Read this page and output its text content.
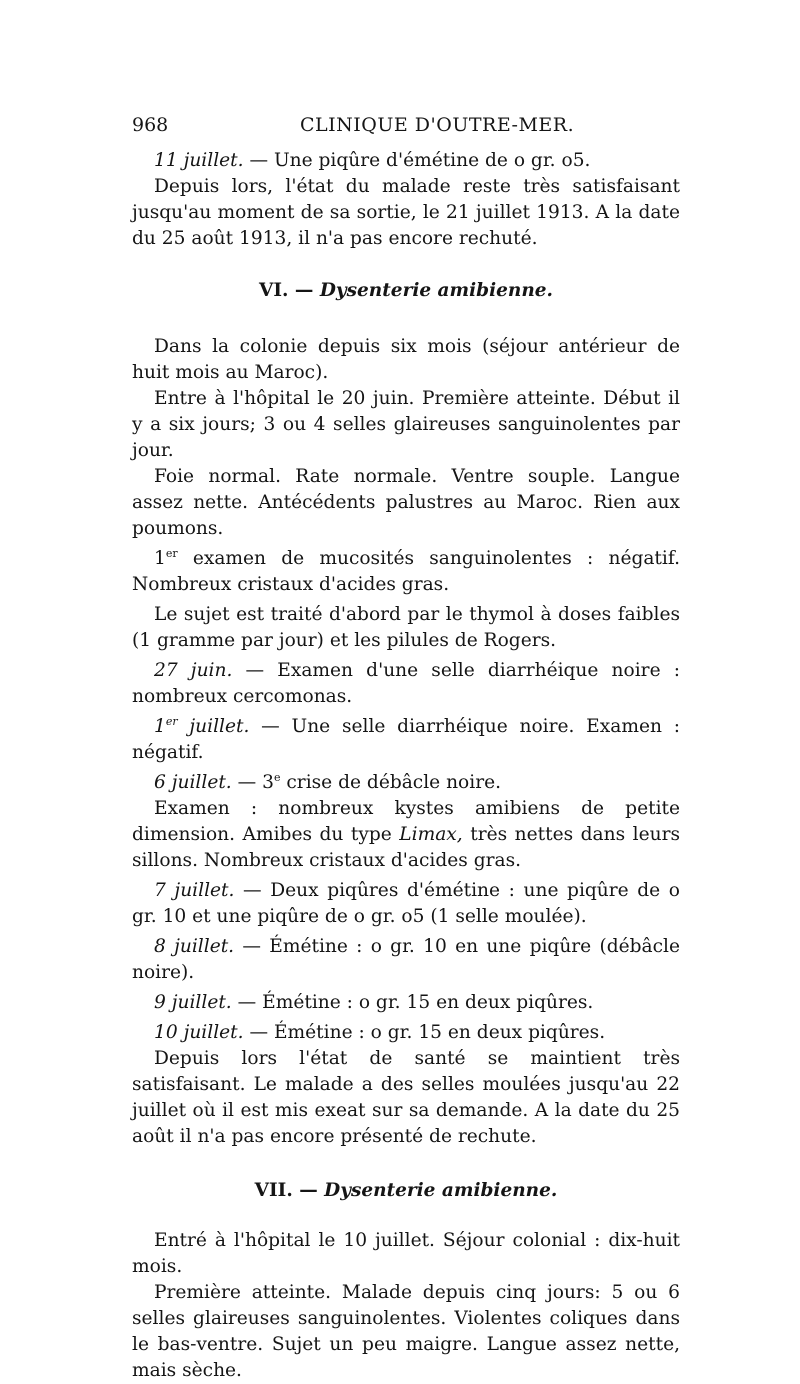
968	CLINIQUE D'OUTRE-MER.

11 juillet. — Une piqûre d'émétine de o gr. o5.

Depuis lors, l'état du malade reste très satisfaisant jusqu'au moment de sa sortie, le 21 juillet 1913. A la date du 25 août 1913, il n'a pas encore rechuté.

VI. — Dysenterie amibienne.

Dans la colonie depuis six mois (séjour antérieur de huit mois au Maroc).

Entre à l'hôpital le 20 juin. Première atteinte. Début il y a six jours; 3 ou 4 selles glaireuses sanguinolentes par jour.

Foie normal. Rate normale. Ventre souple. Langue assez nette. Antécédents palustres au Maroc. Rien aux poumons.

1er examen de mucosités sanguinolentes : négatif. Nombreux cristaux d'acides gras.

Le sujet est traité d'abord par le thymol à doses faibles (1 gramme par jour) et les pilules de Rogers.

27 juin. — Examen d'une selle diarrhéique noire : nombreux cercomonas.

1er juillet. — Une selle diarrhéique noire. Examen : négatif.

6 juillet. — 3e crise de débâcle noire.

Examen : nombreux kystes amibiens de petite dimension. Amibes du type Limax, très nettes dans leurs sillons. Nombreux cristaux d'acides gras.

7 juillet. — Deux piqûres d'émétine : une piqûre de o gr. 10 et une piqûre de o gr. o5 (1 selle moulée).

8 juillet. — Émétine : o gr. 10 en une piqûre (débâcle noire).

9 juillet. — Émétine : o gr. 15 en deux piqûres.

10 juillet. — Émétine : o gr. 15 en deux piqûres.

Depuis lors l'état de santé se maintient très satisfaisant. Le malade a des selles moulées jusqu'au 22 juillet où il est mis exeat sur sa demande. A la date du 25 août il n'a pas encore présenté de rechute.

VII. — Dysenterie amibienne.

Entré à l'hôpital le 10 juillet. Séjour colonial : dix-huit mois.

Première atteinte. Malade depuis cinq jours: 5 ou 6 selles glaireuses sanguinolentes. Violentes coliques dans le bas-ventre. Sujet un peu maigre. Langue assez nette, mais sèche.
